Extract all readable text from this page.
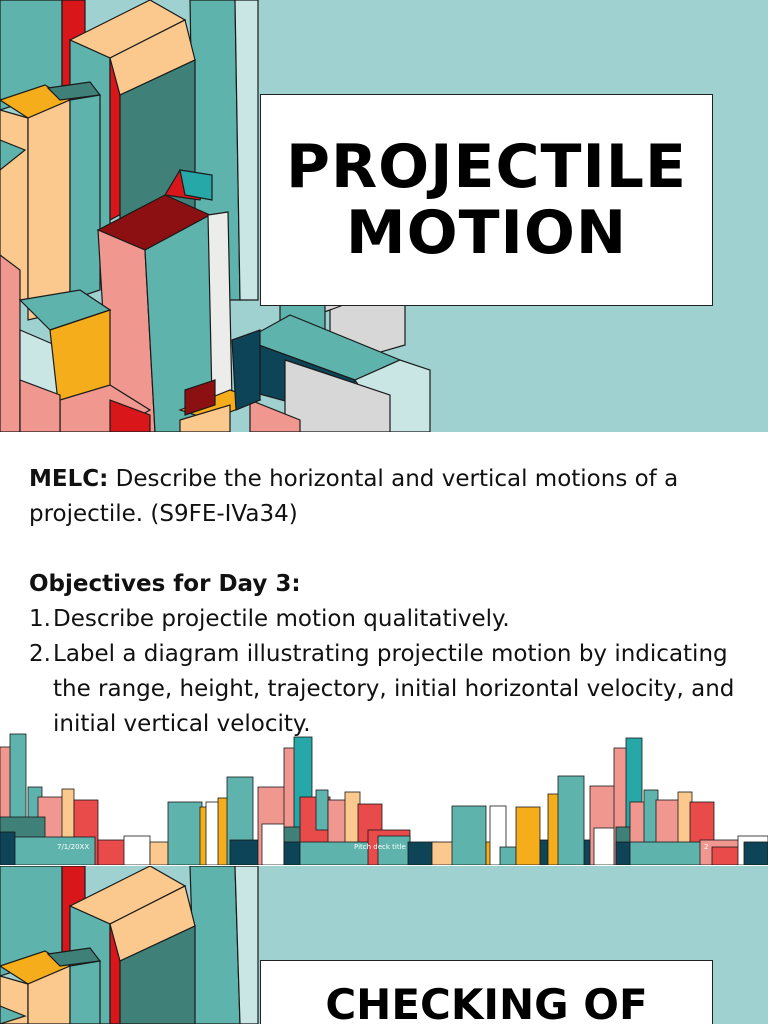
PROJECTILE
MOTION

MELC: Describe the horizontal and vertical motions of a    projectile. (S9FE-IVa34)

Objectives for Day 3:

1. Describe projectile motion qualitatively.
2. Label a diagram illustrating projectile motion by indicating the range, height, trajectory, initial horizontal velocity, and initial vertical velocity.
7/1/20XX	Pitch deck title	2
CHECKING OF
